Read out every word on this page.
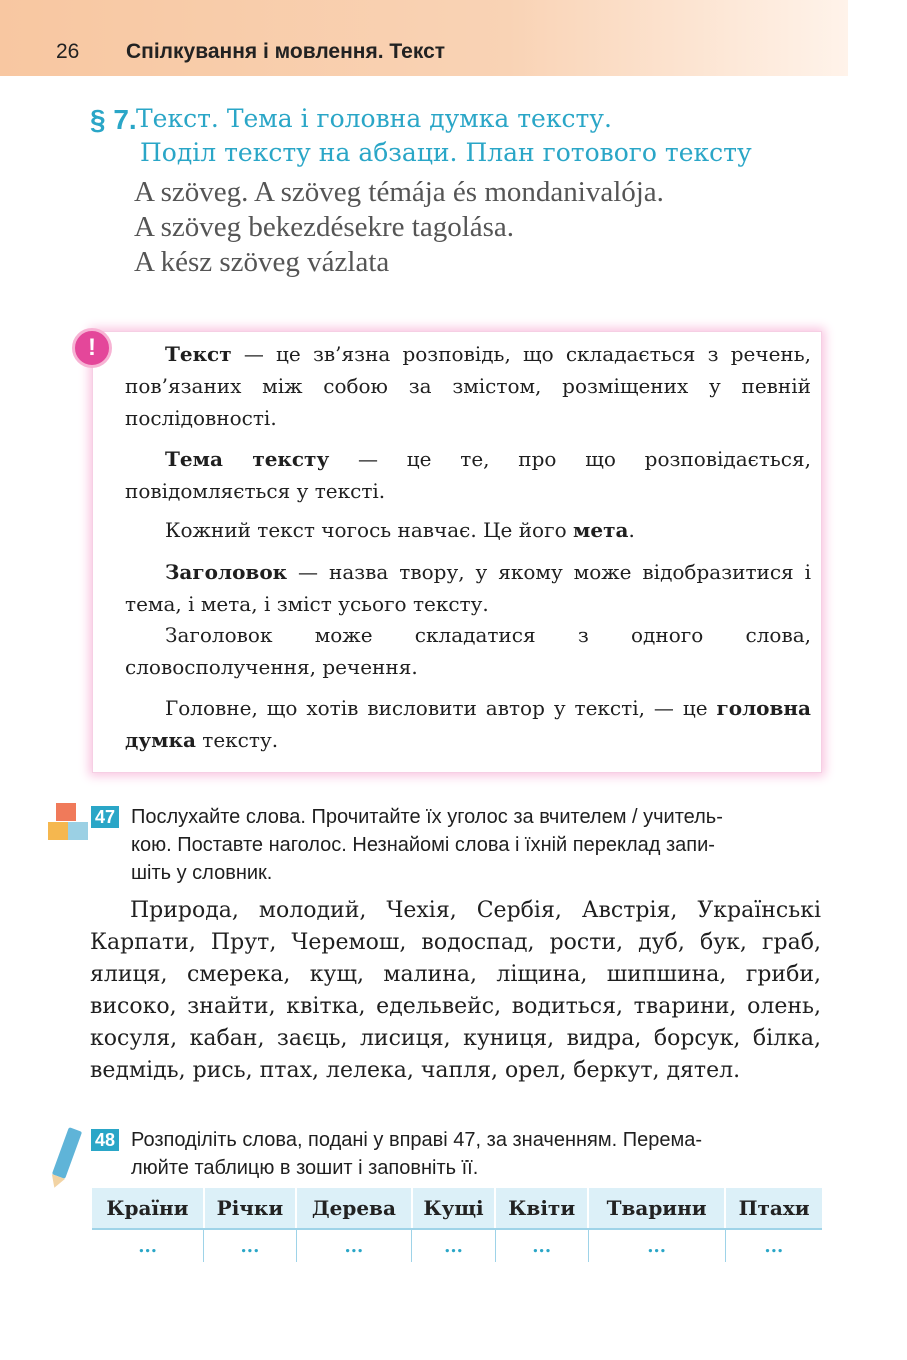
26 Спілкування і мовлення. Текст
§ 7. Текст. Тема і головна думка тексту.
Поділ тексту на абзаци. План готового тексту
A szöveg. A szöveg témája és mondanivalója.
A szöveg bekezdésekre tagolása.
A kész szöveg vázlata
!	Текст — це зв’язна розповідь, що складається з речень, пов’язаних між собою за змістом, розміщених у певній послідовності.

Тема тексту — це те, про що розповідається, повідомляється у тексті.

Кожний текст чогось навчає. Це його мета.

Заголовок — назва твору, у якому може відобразитися і тема, і мета, і зміст усього тексту.

Заголовок може складатися з одного слова, словосполучення, речення.

Головне, що хотів висловити автор у тексті, — це головна думка тексту.

47 Послухайте слова. Прочитайте їх уголос за вчителем / учитель-
кою. Поставте наголос. Незнайомі слова і їхній переклад запи-
шіть у словник.
Природа, молодий, Чехія, Сербія, Австрія, Українські Карпати, Прут, Черемош, водоспад, рости, дуб, бук, граб, ялиця, смерека, кущ, малина, ліщина, шипшина, гриби, високо, знайти, квітка, едельвейс, водиться, тварини, олень, косуля, кабан, заєць, лисиця, куниця, видра, борсук, білка, ведмідь, рись, птах, лелека, чапля, орел, беркут, дятел.
48 Розподіліть слова, подані у вправі 47, за значенням. Перема-
люйте таблицю в зошит і заповніть її.
Країни	Річки	Дерева	Кущі	Квіти	Тварини	Птахи
...	...	...	...	...	...	...
